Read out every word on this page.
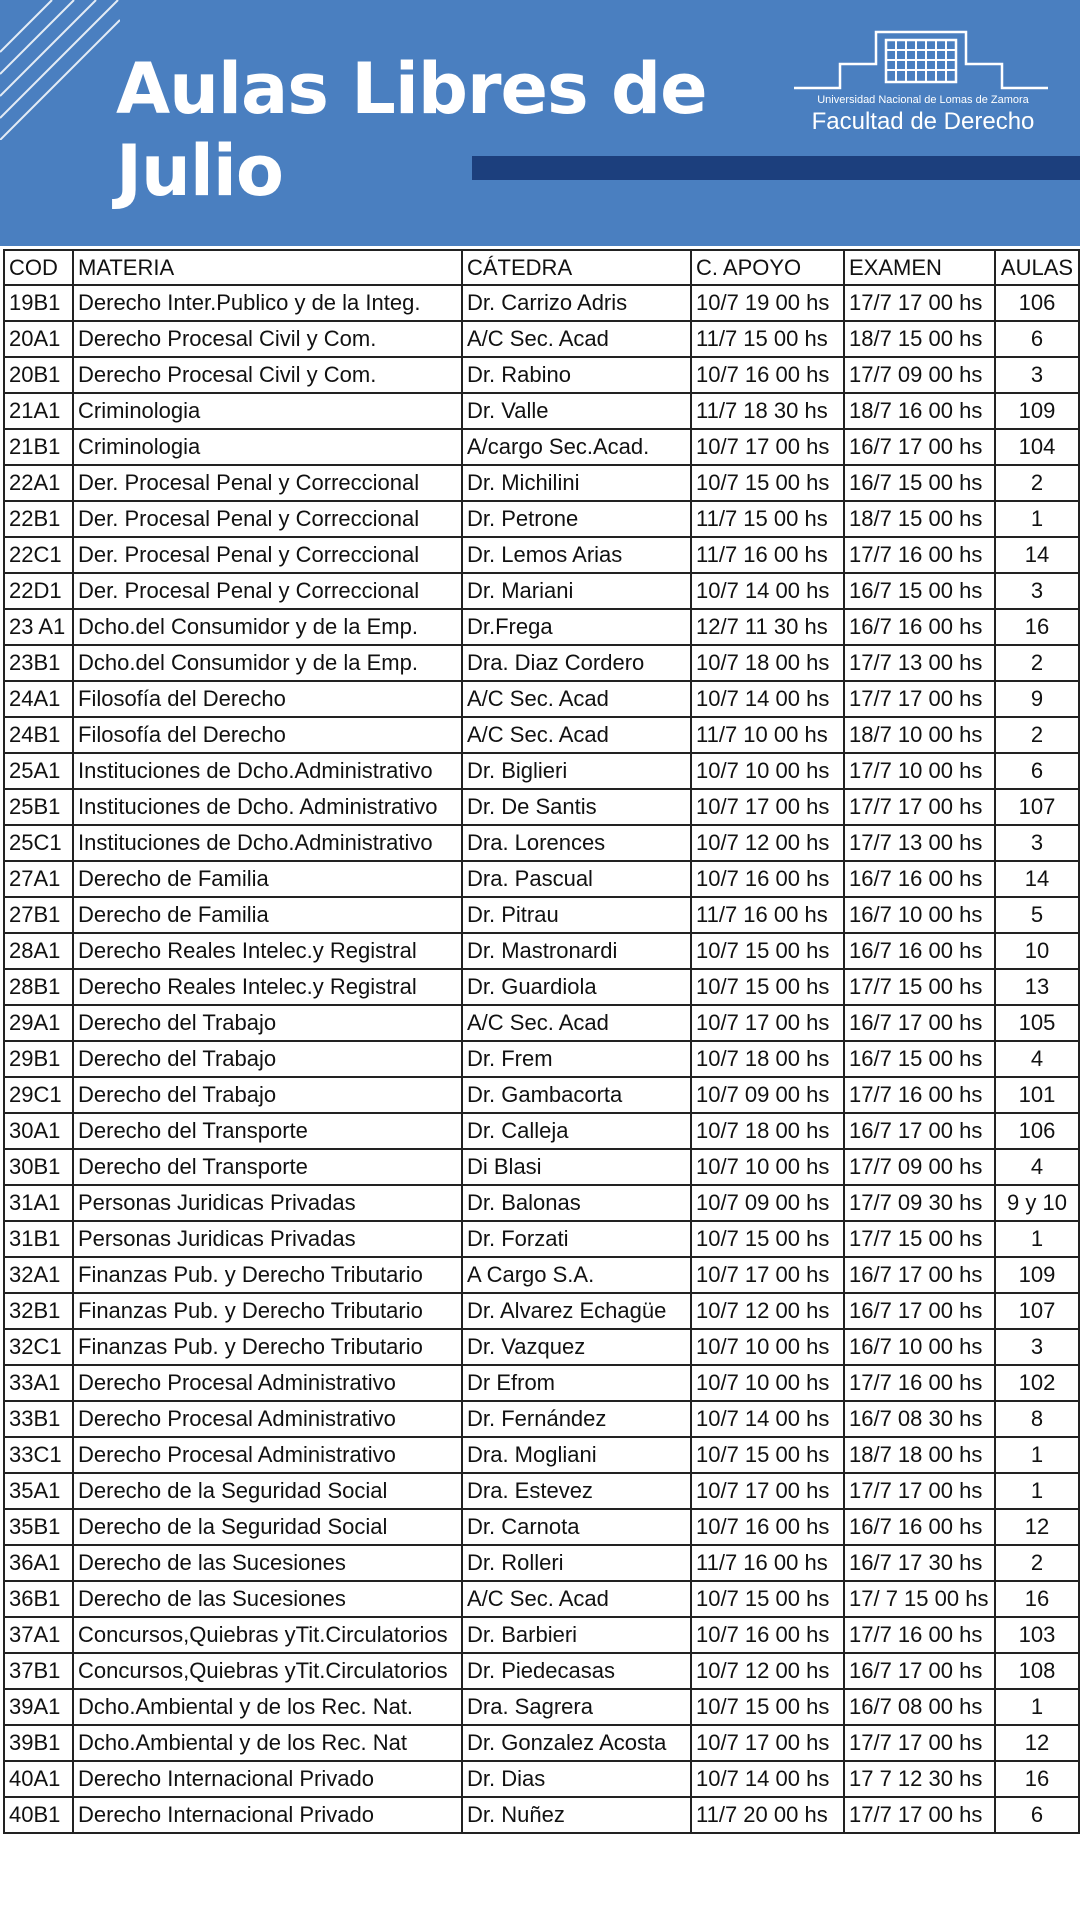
Aulas Libres de
Julio
Universidad Nacional de Lomas de Zamora
Facultad de Derecho
COD	MATERIA	CÁTEDRA	C. APOYO	EXAMEN	AULAS
19B1	Derecho Inter.Publico y de la Integ.	Dr. Carrizo Adris	10/7 19 00 hs	17/7 17 00 hs	106
20A1	Derecho Procesal Civil y Com.	A/C Sec. Acad	11/7 15 00 hs	18/7 15 00 hs	6
20B1	Derecho Procesal Civil y Com.	Dr. Rabino	10/7 16 00 hs	17/7 09 00 hs	3
21A1	Criminologia	Dr. Valle	11/7 18 30 hs	18/7 16 00 hs	109
21B1	Criminologia	A/cargo Sec.Acad.	10/7 17 00 hs	16/7 17 00 hs	104
22A1	Der. Procesal Penal y Correccional	Dr. Michilini	10/7 15 00 hs	16/7 15 00 hs	2
22B1	Der. Procesal Penal y Correccional	Dr. Petrone	11/7 15 00 hs	18/7 15 00 hs	1
22C1	Der. Procesal Penal y Correccional	Dr. Lemos Arias	11/7 16 00 hs	17/7 16 00 hs	14
22D1	Der. Procesal Penal y Correccional	Dr. Mariani	10/7 14 00 hs	16/7 15 00 hs	3
23 A1	Dcho.del Consumidor y de la Emp.	Dr.Frega	12/7 11 30 hs	16/7 16 00 hs	16
23B1	Dcho.del Consumidor y de la Emp.	Dra. Diaz Cordero	10/7 18 00 hs	17/7 13 00 hs	2
24A1	Filosofía del Derecho	A/C Sec. Acad	10/7 14 00 hs	17/7 17 00 hs	9
24B1	Filosofía del Derecho	A/C Sec. Acad	11/7 10 00 hs	18/7 10 00 hs	2
25A1	Instituciones de Dcho.Administrativo	Dr. Biglieri	10/7 10 00 hs	17/7 10 00 hs	6
25B1	Instituciones de Dcho. Administrativo	Dr. De Santis	10/7 17 00 hs	17/7 17 00 hs	107
25C1	Instituciones de Dcho.Administrativo	Dra. Lorences	10/7 12 00 hs	17/7 13 00 hs	3
27A1	Derecho de Familia	Dra. Pascual	10/7 16 00 hs	16/7 16 00 hs	14
27B1	Derecho de Familia	Dr. Pitrau	11/7 16 00 hs	16/7 10 00 hs	5
28A1	Derecho Reales Intelec.y Registral	Dr. Mastronardi	10/7 15 00 hs	16/7 16 00 hs	10
28B1	Derecho Reales Intelec.y Registral	Dr. Guardiola	10/7 15 00 hs	17/7 15 00 hs	13
29A1	Derecho del Trabajo	A/C Sec. Acad	10/7 17 00 hs	16/7 17 00 hs	105
29B1	Derecho del Trabajo	Dr. Frem	10/7 18 00 hs	16/7 15 00 hs	4
29C1	Derecho del Trabajo	Dr. Gambacorta	10/7 09 00 hs	17/7 16 00 hs	101
30A1	Derecho del Transporte	Dr. Calleja	10/7 18 00 hs	16/7 17 00 hs	106
30B1	Derecho del Transporte	Di Blasi	10/7 10 00 hs	17/7 09 00 hs	4
31A1	Personas Juridicas Privadas	Dr. Balonas	10/7 09 00 hs	17/7 09 30 hs	9 y 10
31B1	Personas Juridicas Privadas	Dr. Forzati	10/7 15 00 hs	17/7 15 00 hs	1
32A1	Finanzas Pub. y Derecho Tributario	A Cargo S.A.	10/7 17 00 hs	16/7 17 00 hs	109
32B1	Finanzas Pub. y Derecho Tributario	Dr. Alvarez Echagüe	10/7 12 00 hs	16/7 17 00 hs	107
32C1	Finanzas Pub. y Derecho Tributario	Dr. Vazquez	10/7 10 00 hs	16/7 10 00 hs	3
33A1	Derecho Procesal Administrativo	Dr Efrom	10/7 10 00 hs	17/7 16 00 hs	102
33B1	Derecho Procesal Administrativo	Dr. Fernández	10/7 14 00 hs	16/7 08 30 hs	8
33C1	Derecho Procesal Administrativo	Dra. Mogliani	10/7 15 00 hs	18/7 18 00 hs	1
35A1	Derecho de la Seguridad Social	Dra. Estevez	10/7 17 00 hs	17/7 17 00 hs	1
35B1	Derecho de la Seguridad Social	Dr. Carnota	10/7 16 00 hs	16/7 16 00 hs	12
36A1	Derecho de las Sucesiones	Dr. Rolleri	11/7 16 00 hs	16/7 17 30 hs	2
36B1	Derecho de las Sucesiones	A/C Sec. Acad	10/7 15 00 hs	17/ 7 15 00 hs	16
37A1	Concursos,Quiebras yTit.Circulatorios	Dr. Barbieri	10/7 16 00 hs	17/7 16 00 hs	103
37B1	Concursos,Quiebras yTit.Circulatorios	Dr. Piedecasas	10/7 12 00 hs	16/7 17 00 hs	108
39A1	Dcho.Ambiental y de los Rec. Nat.	Dra. Sagrera	10/7 15 00 hs	16/7 08 00 hs	1
39B1	Dcho.Ambiental y de los Rec. Nat	Dr. Gonzalez Acosta	10/7 17 00 hs	17/7 17 00 hs	12
40A1	Derecho Internacional Privado	Dr. Dias	10/7 14 00 hs	17 7 12 30 hs	16
40B1	Derecho Internacional Privado	Dr. Nuñez	11/7 20 00 hs	17/7 17 00 hs	6
